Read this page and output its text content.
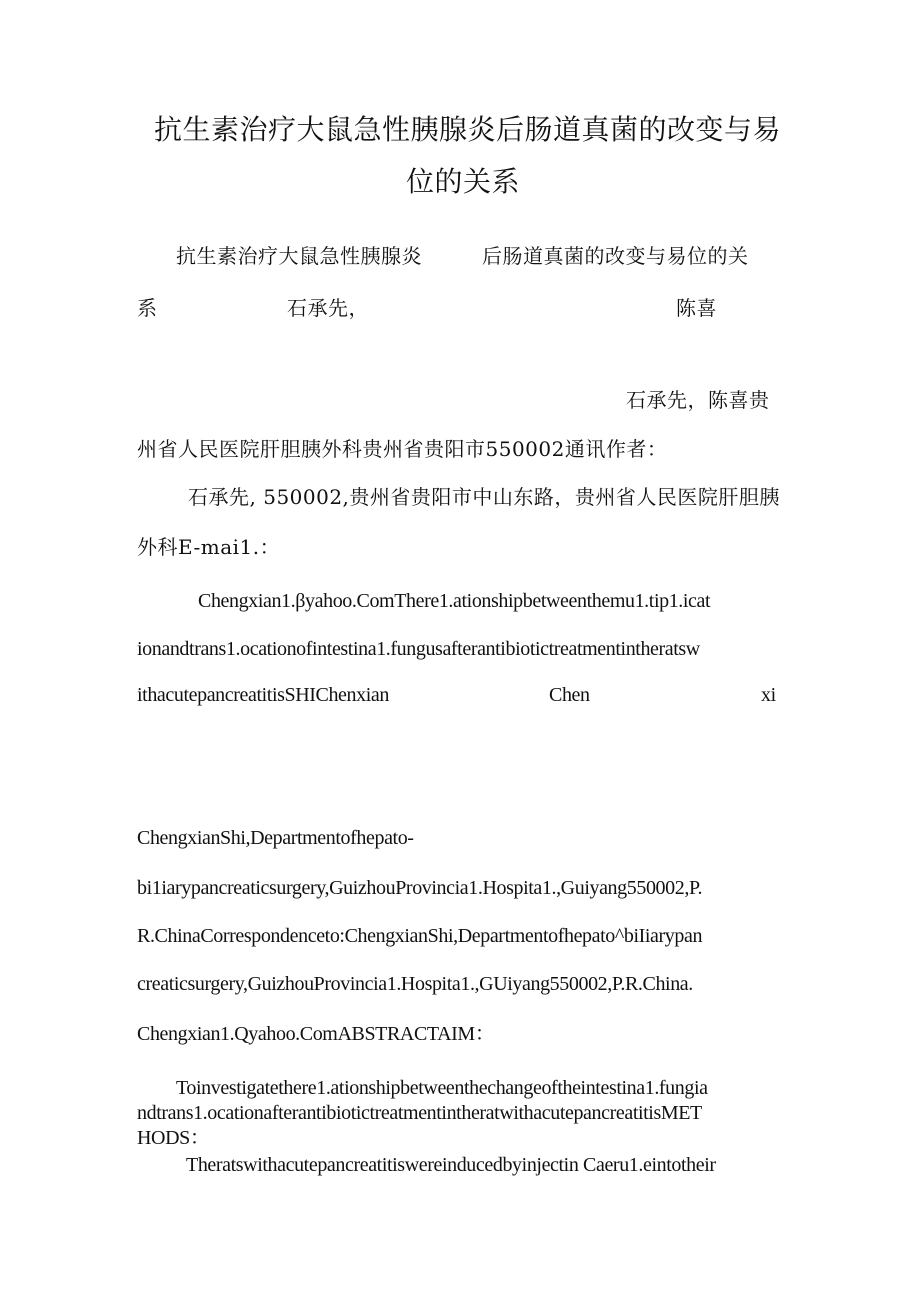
抗生素治疗大鼠急性胰腺炎后肠道真菌的改变与易
位的关系
抗生素治疗大鼠急性胰腺炎	后肠道真菌的改变与易位的关
系	石承先，	陈喜
石承先，陈喜贵
州省人民医院肝胆胰外科贵州省贵阳市550002通讯作者：
石承先, 550002,贵州省贵阳市中山东路，贵州省人民医院肝胆胰
外科E-mai1.：
Chengxian1.βyahoo.ComThere1.ationshipbetweenthemu1.tip1.icat
ionandtrans1.ocationofintestina1.fungusafterantibiotictreatmentintheratsw
ithacutepancreatitisSHIChenxian	Chen	xi
ChengxianShi,Departmentofhepato-
bi1iarypancreaticsurgery,GuizhouProvincia1.Hospita1.,Guiyang550002,P.
R.ChinaCorrespondenceto:ChengxianShi,Departmentofhepato^biIiarypan
creaticsurgery,GuizhouProvincia1.Hospita1.,GUiyang550002,P.R.China.
Chengxian1.Qyahoo.ComABSTRACTAIM：
Toinvestigatethere1.ationshipbetweenthechangeoftheintestina1.fungia
ndtrans1.ocationafterantibiotictreatmentintheratwithacutepancreatitisMET
HODS：
Theratswithacutepancreatitiswereinducedbyinjectin Caeru1.eintotheir
